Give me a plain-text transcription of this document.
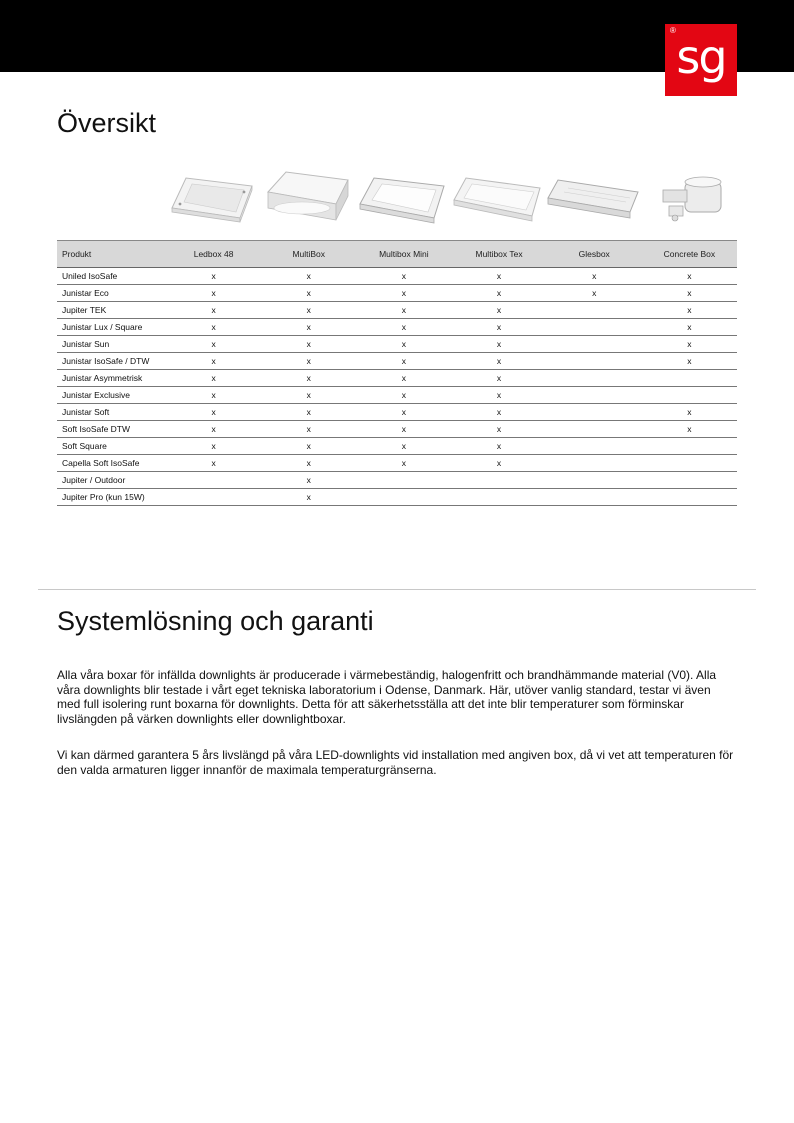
® sg
Översikt
Produkt	Ledbox 48	MultiBox	Multibox Mini	Multibox Tex	Glesbox	Concrete Box
Uniled IsoSafe	x	x	x	x	x	x
Junistar Eco	x	x	x	x	x	x
Jupiter TEK	x	x	x	x		x
Junistar Lux / Square	x	x	x	x		x
Junistar Sun	x	x	x	x		x
Junistar IsoSafe / DTW	x	x	x	x		x
Junistar Asymmetrisk	x	x	x	x		
Junistar Exclusive	x	x	x	x		
Junistar Soft	x	x	x	x		x
Soft IsoSafe DTW	x	x	x	x		x
Soft Square	x	x	x	x		
Capella Soft IsoSafe	x	x	x	x		
Jupiter / Outdoor		x				
Jupiter Pro (kun 15W)		x				
Systemlösning och garanti

Alla våra boxar för infällda downlights är producerade i värmebeständig, halogenfritt och brandhämmande material (V0). Alla våra downlights blir testade i vårt eget tekniska laboratorium i Odense, Danmark. Här, utöver vanlig standard, testar vi även med full isolering runt boxarna för downlights. Detta för att säkerhetsställa att det inte blir temperaturer som förminskar livslängden på värken downlights eller downlightboxar.

Vi kan därmed garantera 5 års livslängd på våra LED-downlights vid installation med angiven box, då vi vet att temperaturen för den valda armaturen ligger innanför de maximala temperaturgränserna.
